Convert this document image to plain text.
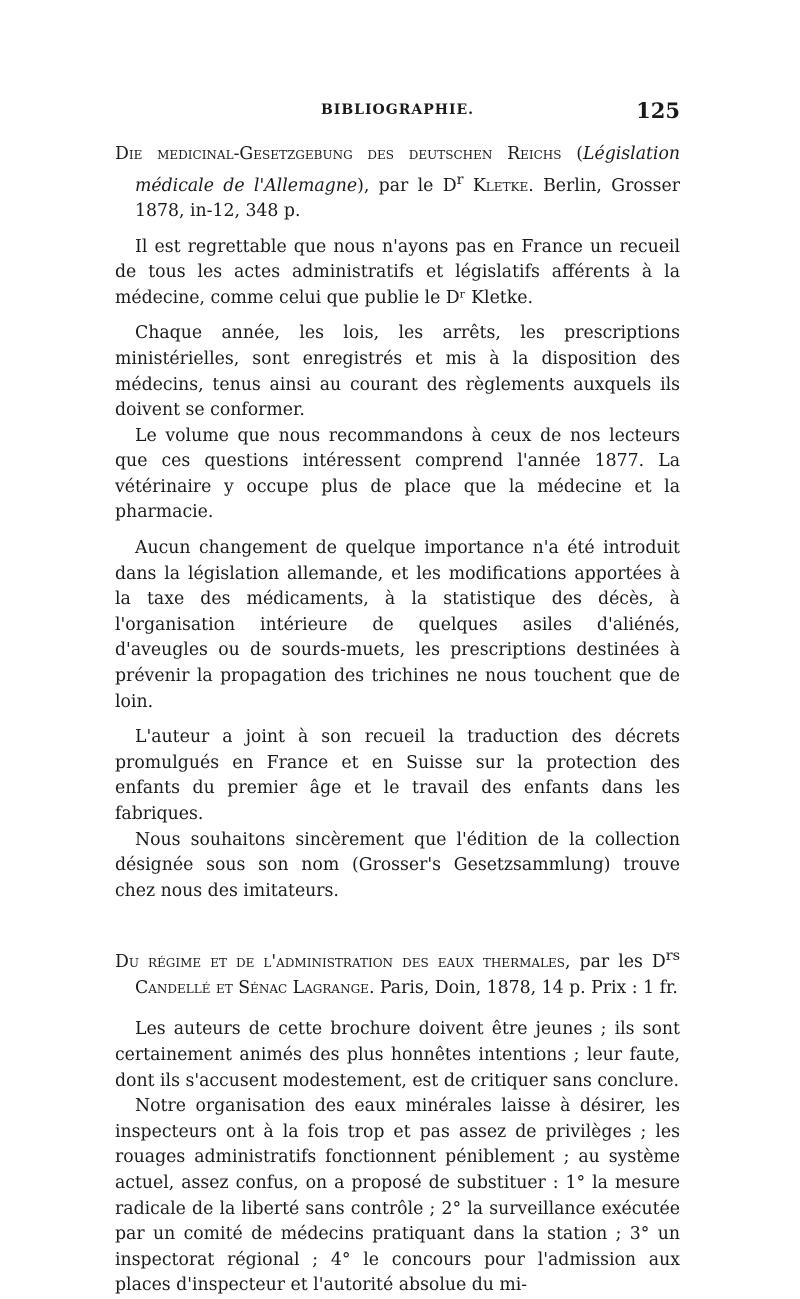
BIBLIOGRAPHIE.	125

Die medicinal-Gesetzgebung des deutschen Reichs (Législation médicale de l'Allemagne), par le $D^r$ Kletke. Berlin, Grosser 1878, in-12, 348 p.

Il est regrettable que nous n'ayons pas en France un recueil de tous les actes administratifs et législatifs afférents à la médecine, comme celui que publie le Dʳ Kletke.

Chaque année, les lois, les arrêts, les prescriptions ministérielles, sont enregistrés et mis à la disposition des médecins, tenus ainsi au courant des règlements auxquels ils doivent se conformer.

Le volume que nous recommandons à ceux de nos lecteurs que ces questions intéressent comprend l'année 1877. La vétérinaire y occupe plus de place que la médecine et la pharmacie.

Aucun changement de quelque importance n'a été introduit dans la législation allemande, et les modifications apportées à la taxe des médicaments, à la statistique des décès, à l'organisation intérieure de quelques asiles d'aliénés, d'aveugles ou de sourds-muets, les prescriptions destinées à prévenir la propagation des trichines ne nous touchent que de loin.

L'auteur a joint à son recueil la traduction des décrets promulgués en France et en Suisse sur la protection des enfants du premier âge et le travail des enfants dans les fabriques.

Nous souhaitons sincèrement que l'édition de la collection désignée sous son nom (Grosser's Gesetzsammlung) trouve chez nous des imitateurs.

Du régime et de l'administration des eaux thermales, par les $D^{rs}$ Candellé et Sénac Lagrange. Paris, Doin, 1878, 14 p. Prix : 1 fr.

Les auteurs de cette brochure doivent être jeunes ; ils sont certainement animés des plus honnêtes intentions ; leur faute, dont ils s'accusent modestement, est de critiquer sans conclure.

Notre organisation des eaux minérales laisse à désirer, les inspecteurs ont à la fois trop et pas assez de privilèges ; les rouages administratifs fonctionnent péniblement ; au système actuel, assez confus, on a proposé de substituer : 1° la mesure radicale de la liberté sans contrôle ; 2° la surveillance exécutée par un comité de médecins pratiquant dans la station ; 3° un inspectorat régional ; 4° le concours pour l'admission aux places d'inspecteur et l'autorité absolue du mi-
